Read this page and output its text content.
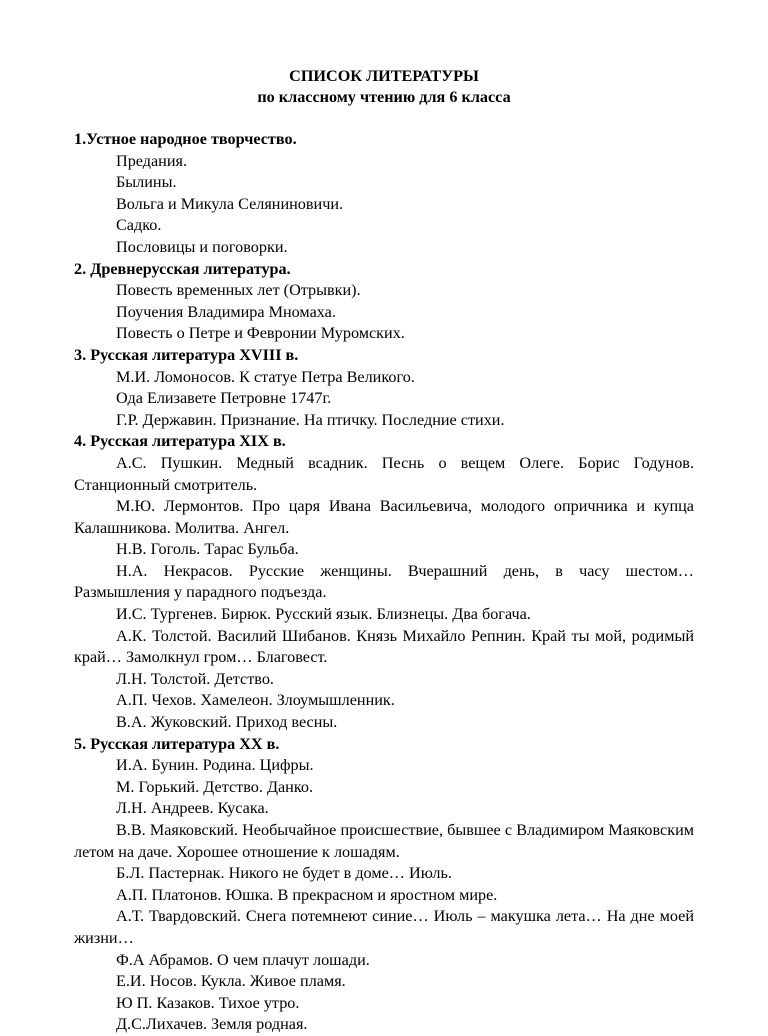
СПИСОК ЛИТЕРАТУРЫ

по классному чтению для 6 класса

1.Устное народное творчество.

Предания.

Былины.

Вольга и Микула Селяниновичи.

Садко.

Пословицы и поговорки.

2. Древнерусская литература.

Повесть временных лет (Отрывки).

Поучения Владимира Мномаха.

Повесть о Петре и Февронии Муромских.

3. Русская литература XVIII в.

М.И. Ломоносов. К статуе Петра Великого.

Ода Елизавете Петровне 1747г.

Г.Р. Державин. Признание. На птичку. Последние стихи.

4. Русская литература XIX в.

А.С. Пушкин. Медный всадник. Песнь о вещем Олеге. Борис Годунов. Станционный смотритель.

М.Ю. Лермонтов. Про царя Ивана Васильевича, молодого опричника и купца Калашникова. Молитва. Ангел.

Н.В. Гоголь. Тарас Бульба.

Н.А. Некрасов. Русские женщины. Вчерашний день, в часу шестом… Размышления у парадного подъезда.

И.С. Тургенев. Бирюк. Русский язык. Близнецы. Два богача.

А.К. Толстой. Василий Шибанов. Князь Михайло Репнин. Край ты мой, родимый край… Замолкнул гром… Благовест.

Л.Н. Толстой. Детство.

А.П. Чехов. Хамелеон. Злоумышленник.

В.А. Жуковский. Приход весны.

5. Русская литература XX в.

И.А. Бунин. Родина. Цифры.

М. Горький. Детство. Данко.

Л.Н. Андреев. Кусака.

В.В. Маяковский. Необычайное происшествие, бывшее с Владимиром Маяковским летом на даче. Хорошее отношение к лошадям.

Б.Л. Пастернак. Никого не будет в доме… Июль.

А.П. Платонов. Юшка. В прекрасном и яростном мире.

А.Т. Твардовский. Снега потемнеют синие… Июль – макушка лета… На дне моей жизни…

Ф.А Абрамов. О чем плачут лошади.

Е.И. Носов. Кукла. Живое пламя.

Ю П. Казаков. Тихое утро.

Д.С.Лихачев. Земля родная.
